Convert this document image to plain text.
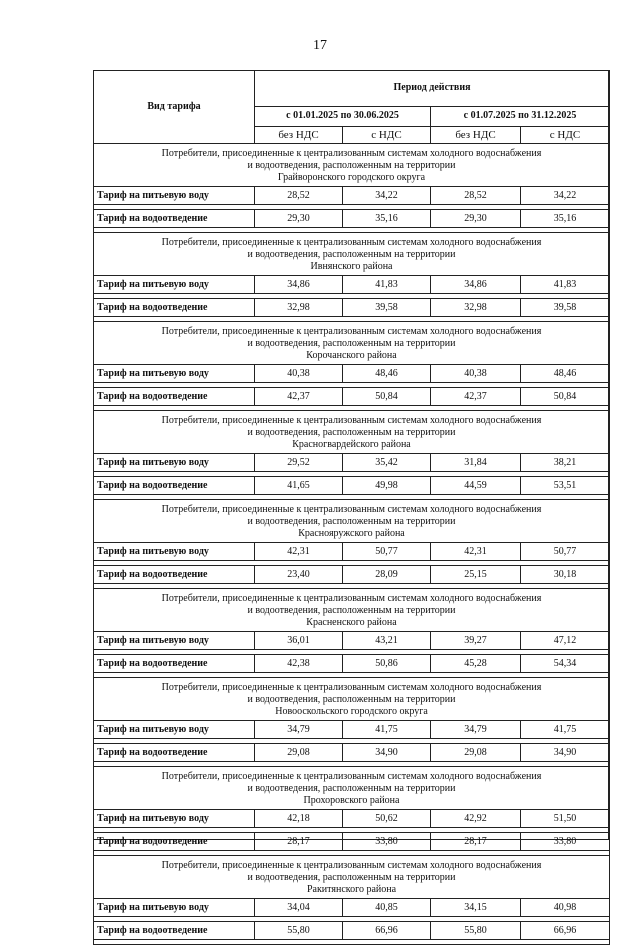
17
Вид тарифа	Период действия			
	с 01.01.2025 по 30.06.2025		с 01.07.2025 по 31.12.2025	
	без НДС	с НДС	без НДС	с НДС

Потребители, присоединенные к централизованным системам холодного водоснабжения
и водоотведения, расположенным на территории
Грайворонского городского округа				

Тариф на питьевую воду	28,52	34,22	28,52	34,22

Тариф на водоотведение	29,30	35,16	29,30	35,16

Потребители, присоединенные к централизованным системам холодного водоснабжения
и водоотведения, расположенным на территории
Ивнянского района				

Тариф на питьевую воду	34,86	41,83	34,86	41,83

Тариф на водоотведение	32,98	39,58	32,98	39,58

Потребители, присоединенные к централизованным системам холодного водоснабжения
и водоотведения, расположенным на территории
Корочанского района				

Тариф на питьевую воду	40,38	48,46	40,38	48,46

Тариф на водоотведение	42,37	50,84	42,37	50,84

Потребители, присоединенные к централизованным системам холодного водоснабжения
и водоотведения, расположенным на территории
Красногвардейского района				

Тариф на питьевую воду	29,52	35,42	31,84	38,21

Тариф на водоотведение	41,65	49,98	44,59	53,51

Потребители, присоединенные к централизованным системам холодного водоснабжения
и водоотведения, расположенным на территории
Краснояружского района				

Тариф на питьевую воду	42,31	50,77	42,31	50,77

Тариф на водоотведение	23,40	28,09	25,15	30,18

Потребители, присоединенные к централизованным системам холодного водоснабжения
и водоотведения, расположенным на территории
Красненского района				

Тариф на питьевую воду	36,01	43,21	39,27	47,12

Тариф на водоотведение	42,38	50,86	45,28	54,34

Потребители, присоединенные к централизованным системам холодного водоснабжения
и водоотведения, расположенным на территории
Новооскольского городского округа				

Тариф на питьевую воду	34,79	41,75	34,79	41,75

Тариф на водоотведение	29,08	34,90	29,08	34,90

Потребители, присоединенные к централизованным системам холодного водоснабжения
и водоотведения, расположенным на территории
Прохоровского района				

Тариф на питьевую воду	42,18	50,62	42,92	51,50

Тариф на водоотведение	28,17	33,80	28,17	33,80

Потребители, присоединенные к централизованным системам холодного водоснабжения
и водоотведения, расположенным на территории
Ракитянского района				

Тариф на питьевую воду	34,04	40,85	34,15	40,98

Тариф на водоотведение	55,80	66,96	55,80	66,96
